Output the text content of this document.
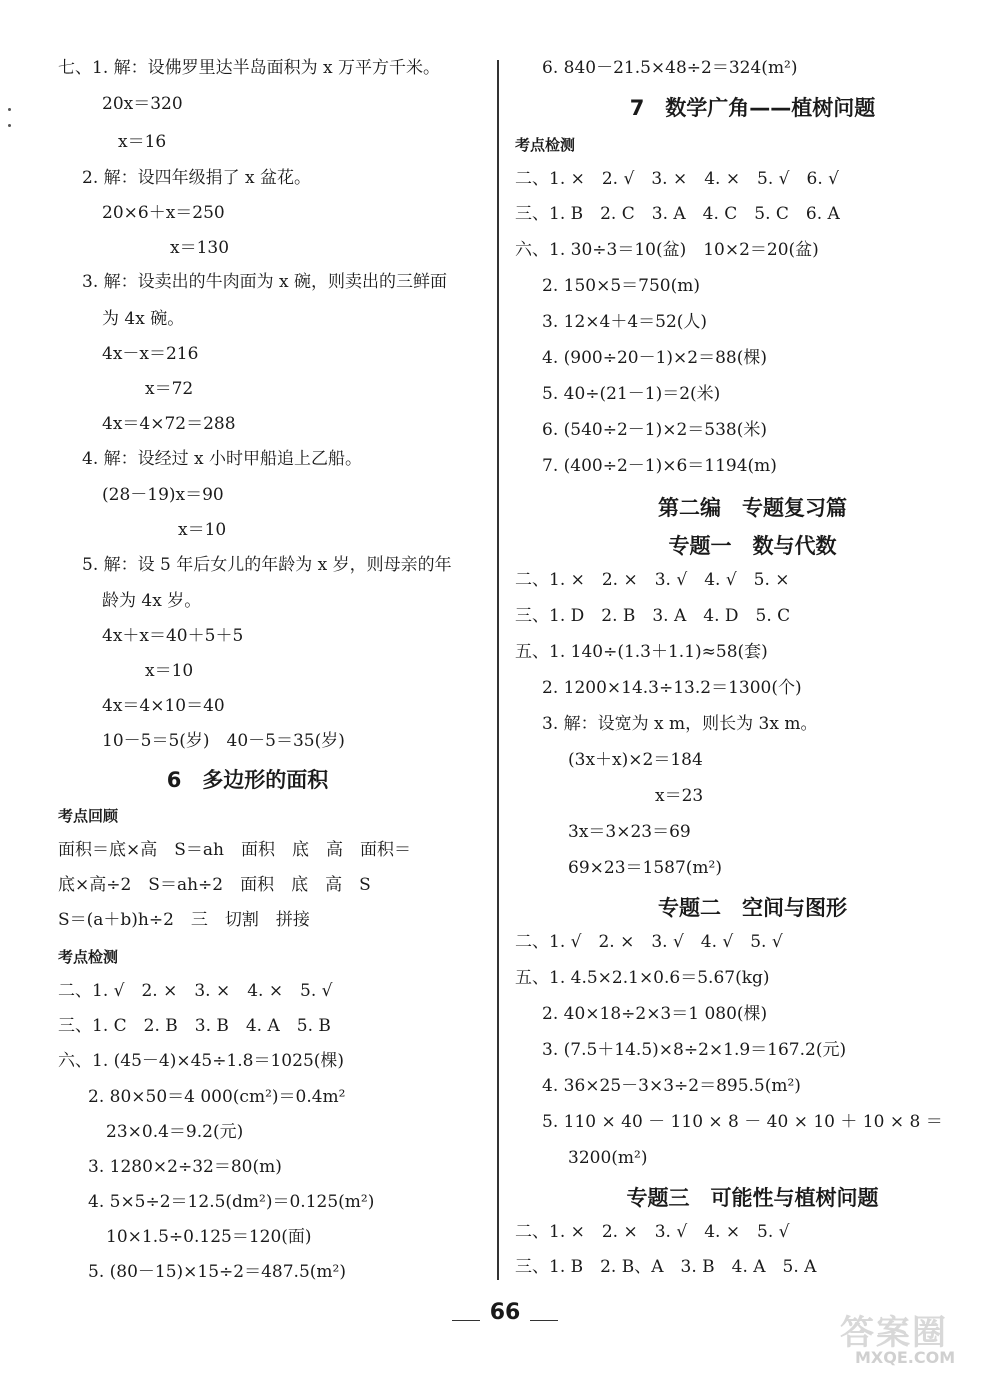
七、1. 解：设佛罗里达半岛面积为 x 万平方千米。
20x＝320
x＝16
2. 解：设四年级捐了 x 盆花。
20×6＋x＝250
x＝130
3. 解：设卖出的牛肉面为 x 碗，则卖出的三鲜面
为 4x 碗。
4x－x＝216
x＝72
4x＝4×72＝288
4. 解：设经过 x 小时甲船追上乙船。
(28－19)x＝90
x＝10
5. 解：设 5 年后女儿的年龄为 x 岁，则母亲的年
龄为 4x 岁。
4x＋x＝40＋5＋5
x＝10
4x＝4×10＝40
10－5＝5(岁)　40－5＝35(岁)
6　多边形的面积
考点回顾
面积＝底×高　S＝ah　面积　底　高　面积＝
底×高÷2　S＝ah÷2　面积　底　高　S
S＝(a＋b)h÷2　三　切割　拼接
考点检测
二、1. √　2. ×　3. ×　4. ×　5. √
三、1. C　2. B　3. B　4. A　5. B
六、1. (45－4)×45÷1.8＝1025(棵)
2. 80×50＝4 000(cm²)＝0.4m²
23×0.4＝9.2(元)
3. 1280×2÷32＝80(m)
4. 5×5÷2＝12.5(dm²)＝0.125(m²)
10×1.5÷0.125＝120(面)
5. (80－15)×15÷2＝487.5(m²)
6. 840－21.5×48÷2＝324(m²)
7　数学广角——植树问题
考点检测
二、1. ×　2. √　3. ×　4. ×　5. √　6. √
三、1. B　2. C　3. A　4. C　5. C　6. A
六、1. 30÷3＝10(盆)　10×2＝20(盆)
2. 150×5＝750(m)
3. 12×4＋4＝52(人)
4. (900÷20－1)×2＝88(棵)
5. 40÷(21－1)＝2(米)
6. (540÷2－1)×2＝538(米)
7. (400÷2－1)×6＝1194(m)
第二编　专题复习篇
专题一　数与代数
二、1. ×　2. ×　3. √　4. √　5. ×
三、1. D　2. B　3. A　4. D　5. C
五、1. 140÷(1.3＋1.1)≈58(套)
2. 1200×14.3÷13.2＝1300(个)
3. 解：设宽为 x m，则长为 3x m。
(3x＋x)×2＝184
x＝23
3x＝3×23＝69
69×23＝1587(m²)
专题二　空间与图形
二、1. √　2. ×　3. √　4. √　5. √
五、1. 4.5×2.1×0.6＝5.67(kg)
2. 40×18÷2×3＝1 080(棵)
3. (7.5＋14.5)×8÷2×1.9＝167.2(元)
4. 36×25－3×3÷2＝895.5(m²)
5. 110 × 40 － 110 × 8 － 40 × 10 ＋ 10 × 8 ＝
3200(m²)
专题三　可能性与植树问题
二、1. ×　2. ×　3. √　4. ×　5. √
三、1. B　2. B、A　3. B　4. A　5. A
66
答案圈
MXQE.COM
